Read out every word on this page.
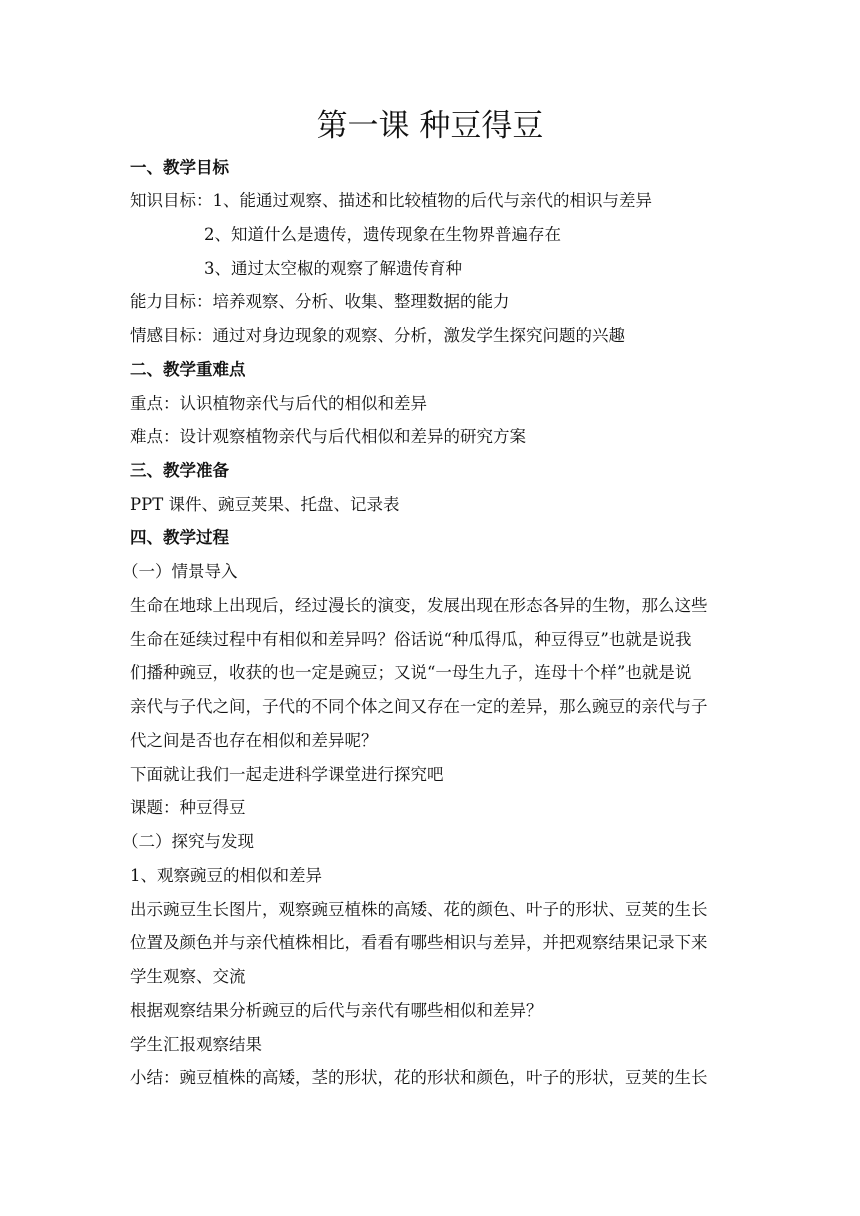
第一课 种豆得豆
一、教学目标
知识目标：1、能通过观察、描述和比较植物的后代与亲代的相识与差异
2、知道什么是遗传，遗传现象在生物界普遍存在
3、通过太空椒的观察了解遗传育种
能力目标：培养观察、分析、收集、整理数据的能力
情感目标：通过对身边现象的观察、分析，激发学生探究问题的兴趣
二、教学重难点
重点：认识植物亲代与后代的相似和差异
难点：设计观察植物亲代与后代相似和差异的研究方案
三、教学准备
PPT 课件、豌豆荚果、托盘、记录表
四、教学过程
（一）情景导入
生命在地球上出现后，经过漫长的演变，发展出现在形态各异的生物，那么这些
生命在延续过程中有相似和差异吗？俗话说“种瓜得瓜，种豆得豆”也就是说我
们播种豌豆，收获的也一定是豌豆；又说“一母生九子，连母十个样”也就是说
亲代与子代之间，子代的不同个体之间又存在一定的差异，那么豌豆的亲代与子
代之间是否也存在相似和差异呢？
下面就让我们一起走进科学课堂进行探究吧
课题：种豆得豆
（二）探究与发现
1、观察豌豆的相似和差异
出示豌豆生长图片，观察豌豆植株的高矮、花的颜色、叶子的形状、豆荚的生长
位置及颜色并与亲代植株相比，看看有哪些相识与差异，并把观察结果记录下来
学生观察、交流
根据观察结果分析豌豆的后代与亲代有哪些相似和差异？
学生汇报观察结果
小结：豌豆植株的高矮，茎的形状，花的形状和颜色，叶子的形状，豆荚的生长
